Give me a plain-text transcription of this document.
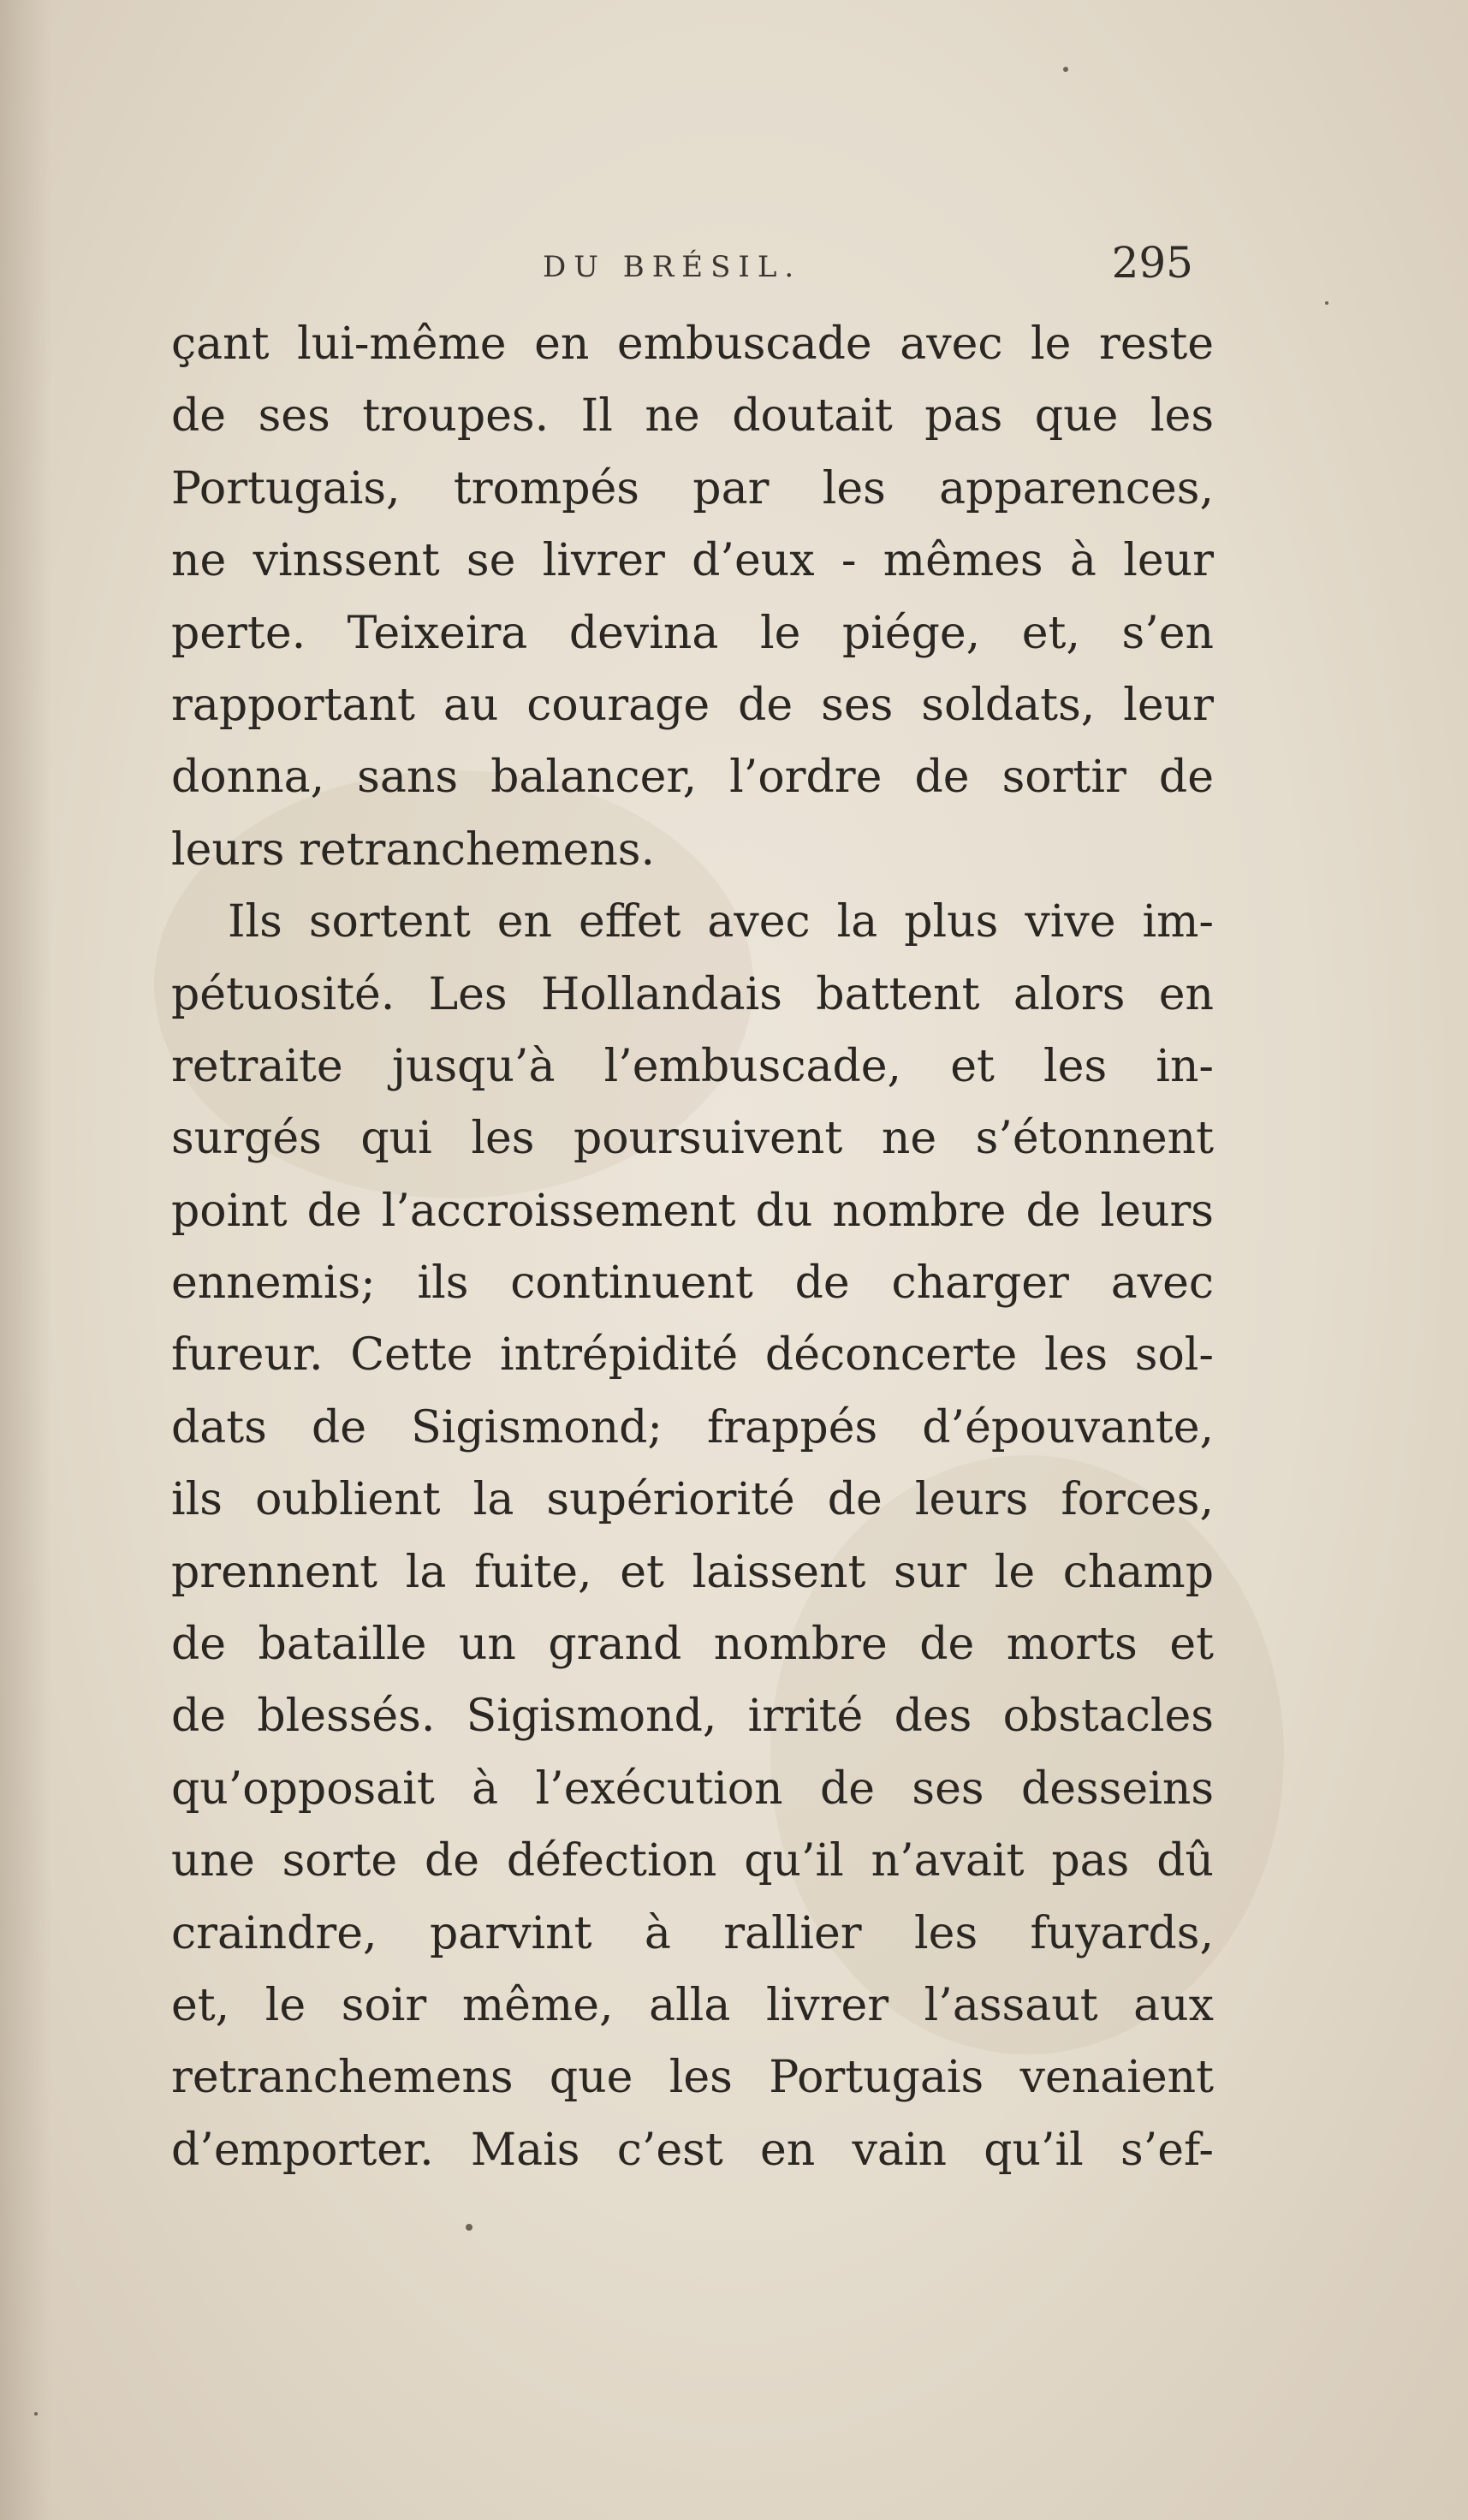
DU BRÉSIL.	295
çant lui-même en embuscade avec le reste
de ses troupes. Il ne doutait pas que les
Portugais, trompés par les apparences,
ne vinssent se livrer d’eux - mêmes à leur
perte. Teixeira devina le piége, et, s’en
rapportant au courage de ses soldats, leur
donna, sans balancer, l’ordre de sortir de
leurs retranchemens.
Ils sortent en effet avec la plus vive im-
pétuosité. Les Hollandais battent alors en
retraite jusqu’à l’embuscade, et les in-
surgés qui les poursuivent ne s’étonnent
point de l’accroissement du nombre de leurs
ennemis; ils continuent de charger avec
fureur. Cette intrépidité déconcerte les sol-
dats de Sigismond; frappés d’épouvante,
ils oublient la supériorité de leurs forces,
prennent la fuite, et laissent sur le champ
de bataille un grand nombre de morts et
de blessés. Sigismond, irrité des obstacles
qu’opposait à l’exécution de ses desseins
une sorte de défection qu’il n’avait pas dû
craindre, parvint à rallier les fuyards,
et, le soir même, alla livrer l’assaut aux
retranchemens que les Portugais venaient
d’emporter. Mais c’est en vain qu’il s’ef-
